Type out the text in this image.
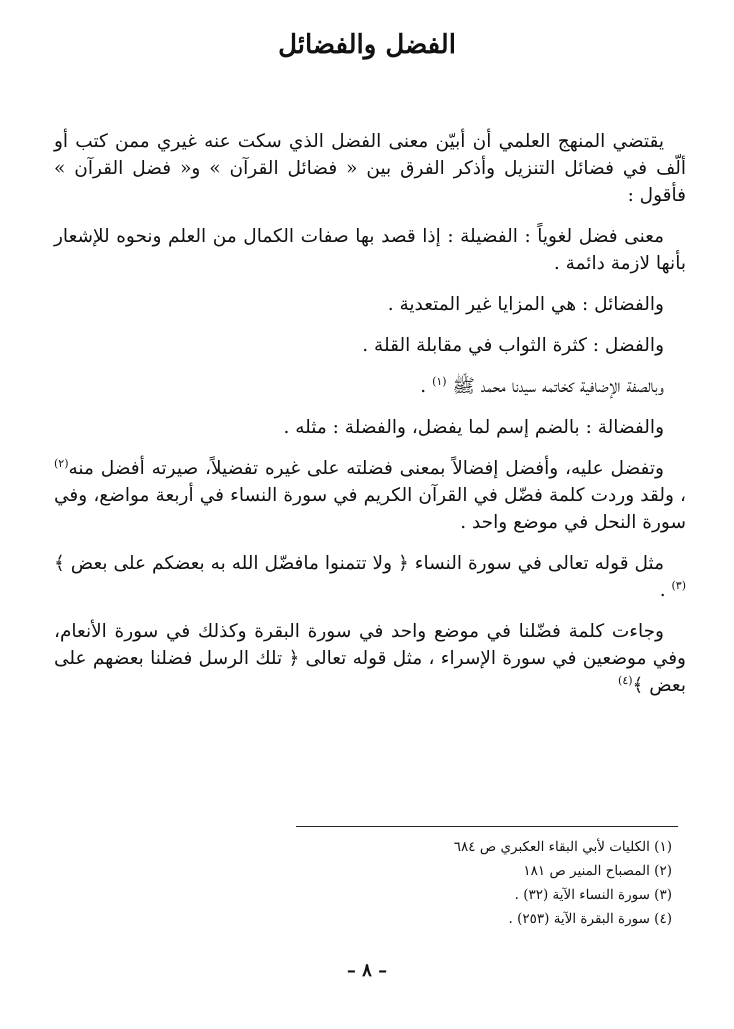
الفضل والفضائل

يقتضي المنهج العلمي أن أبيّن معنى الفضل الذي سكت عنه غيري ممن كتب أو ألّف في فضائل التنزيل وأذكر الفرق بين « فضائل القرآن » و« فضل القرآن » فأقول :

معنى فضل لغوياً : الفضيلة : إذا قصد بها صفات الكمال من العلم ونحوه للإشعار بأنها لازمة دائمة .

والفضائل : هي المزايا غير المتعدية .

والفضل : كثرة الثواب في مقابلة القلة .

وبالصفة الإضافية كخاتمه سيدنا محمد ﷺ $^{(١)}$ .

والفضالة : بالضم إسم لما يفضل، والفضلة : مثله .

وتفضل عليه، وأفضل إفضالاً بمعنى فضلته على غيره تفضيلاً، صيرته أفضل منه$^{(٢)}$ ، ولقد وردت كلمة فضّل في القرآن الكريم في سورة النساء في أربعة مواضع، وفي سورة النحل في موضع واحد .

مثل قوله تعالى في سورة النساء ﴿ ولا تتمنوا مافضّل الله به بعضكم على بعض ﴾$^{(٣)}$ .

وجاءت كلمة فضّلنا في موضع واحد في سورة البقرة وكذلك في سورة الأنعام، وفي موضعين في سورة الإسراء ، مثل قوله تعالى ﴿ تلك الرسل فضلنا بعضهم على بعض ﴾$^{(٤)}$

(١) الكليات لأبي البقاء العكبري ص ٦٨٤
(٢) المصباح المنير ص ١٨١
(٣) سورة النساء الآية (٣٢) .
(٤) سورة البقرة الآية (٢٥٣) .
– ٨ –
